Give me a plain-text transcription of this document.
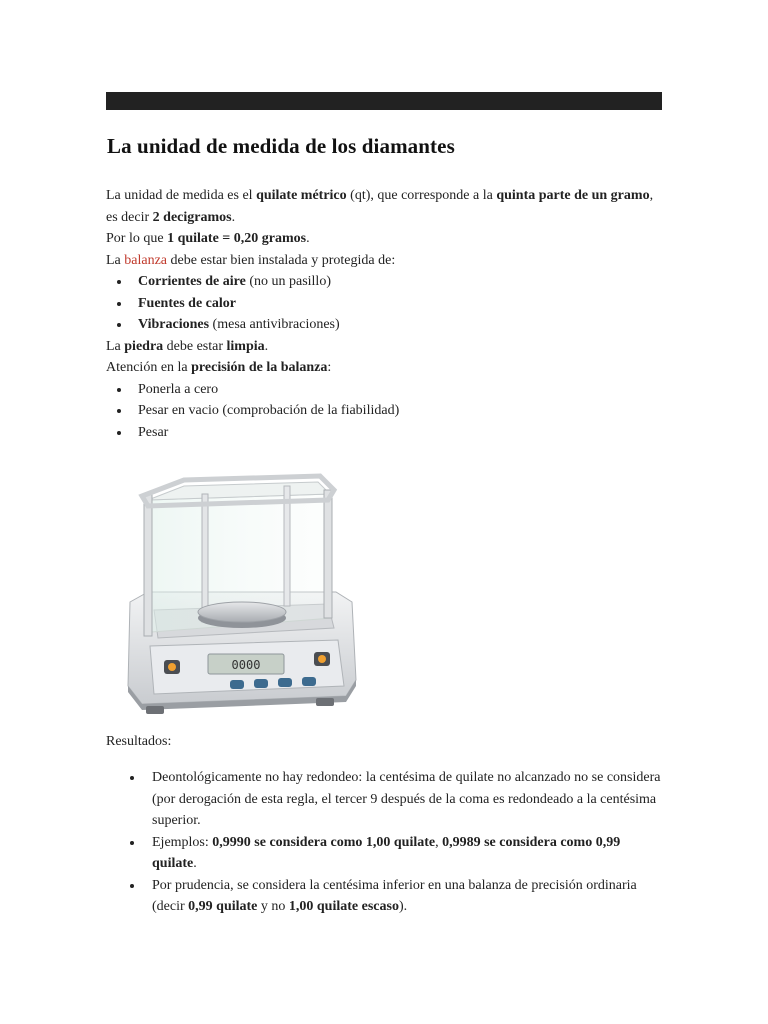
La unidad de medida de los diamantes

La unidad de medida es el quilate métrico (qt), que corresponde a la quinta parte de un gramo, es decir 2 decigramos.

Por lo que 1 quilate = 0,20 gramos.

La balanza debe estar bien instalada y protegida de:

Corrientes de aire (no un pasillo)
Fuentes de calor
Vibraciones (mesa antivibraciones)

La piedra debe estar limpia.

Atención en la precisión de la balanza:

Ponerla a cero
Pesar en vacio (comprobación de la fiabilidad)
Pesar
0000
Resultados:
Deontológicamente no hay redondeo: la centésima de quilate no alcanzado no se considera (por derogación de esta regla, el tercer 9 después de la coma es redondeado a la centésima superior.
Ejemplos: 0,9990 se considera como 1,00 quilate, 0,9989 se considera como 0,99 quilate.
Por prudencia, se considera la centésima inferior en una balanza de precisión ordinaria (decir 0,99 quilate y no 1,00 quilate escaso).
